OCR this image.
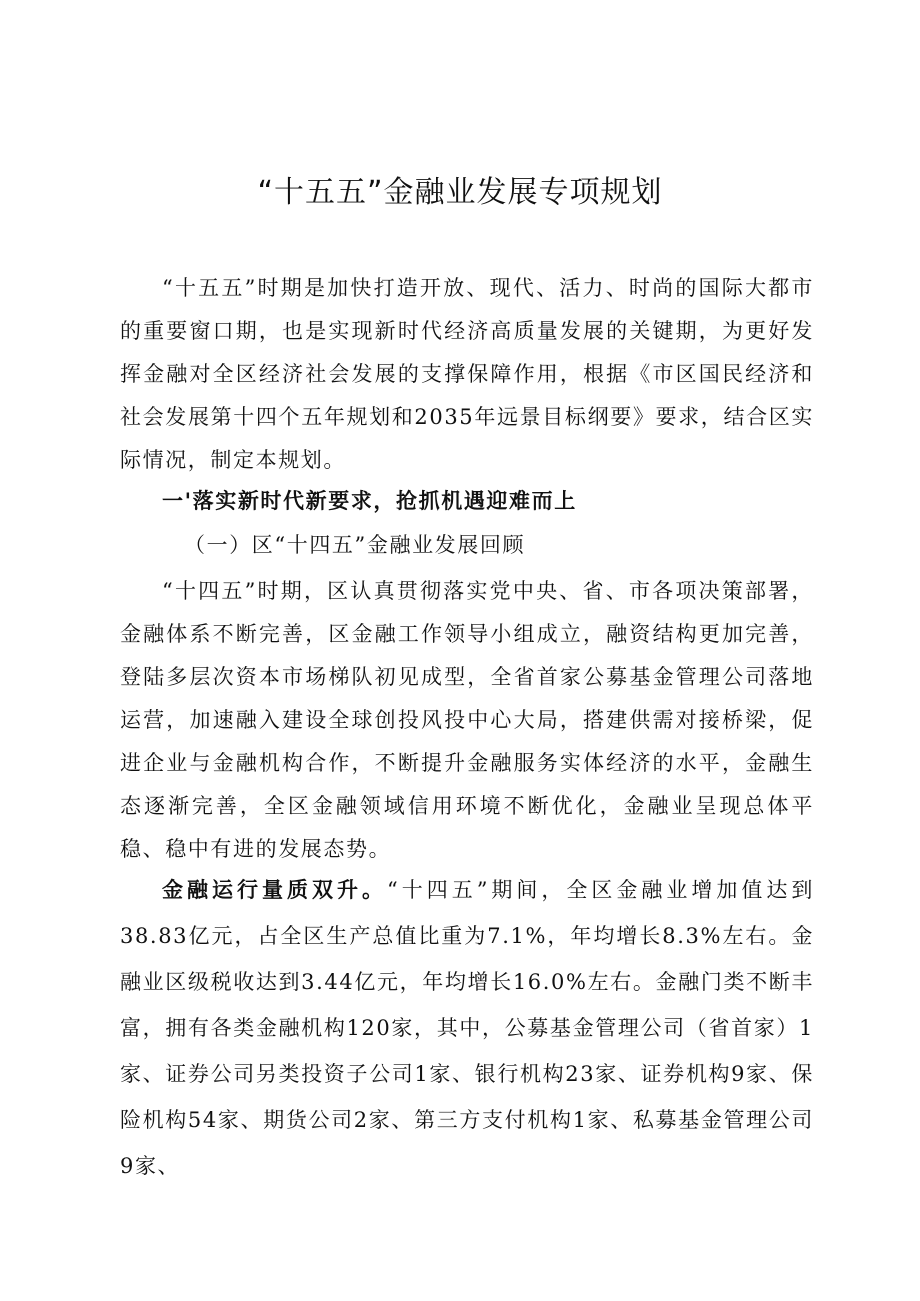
“十五五”金融业发展专项规划
“十五五”时期是加快打造开放、现代、活力、时尚的国际大都市的重要窗口期，也是实现新时代经济高质量发展的关键期，为更好发挥金融对全区经济社会发展的支撑保障作用，根据《市区国民经济和社会发展第十四个五年规划和2035年远景目标纲要》要求，结合区实际情况，制定本规划。
一'落实新时代新要求，抢抓机遇迎难而上
（一）区“十四五”金融业发展回顾
“十四五”时期，区认真贯彻落实党中央、省、市各项决策部署，金融体系不断完善，区金融工作领导小组成立，融资结构更加完善，登陆多层次资本市场梯队初见成型，全省首家公募基金管理公司落地运营，加速融入建设全球创投风投中心大局，搭建供需对接桥梁，促进企业与金融机构合作，不断提升金融服务实体经济的水平，金融生态逐渐完善，全区金融领域信用环境不断优化，金融业呈现总体平稳、稳中有进的发展态势。
金融运行量质双升。“十四五”期间，全区金融业增加值达到38.83亿元，占全区生产总值比重为7.1%，年均增长8.3%左右。金融业区级税收达到3.44亿元，年均增长16.0%左右。金融门类不断丰富，拥有各类金融机构120家，其中，公募基金管理公司（省首家）1家、证券公司另类投资子公司1家、银行机构23家、证券机构9家、保险机构54家、期货公司2家、第三方支付机构1家、私募基金管理公司9家、
